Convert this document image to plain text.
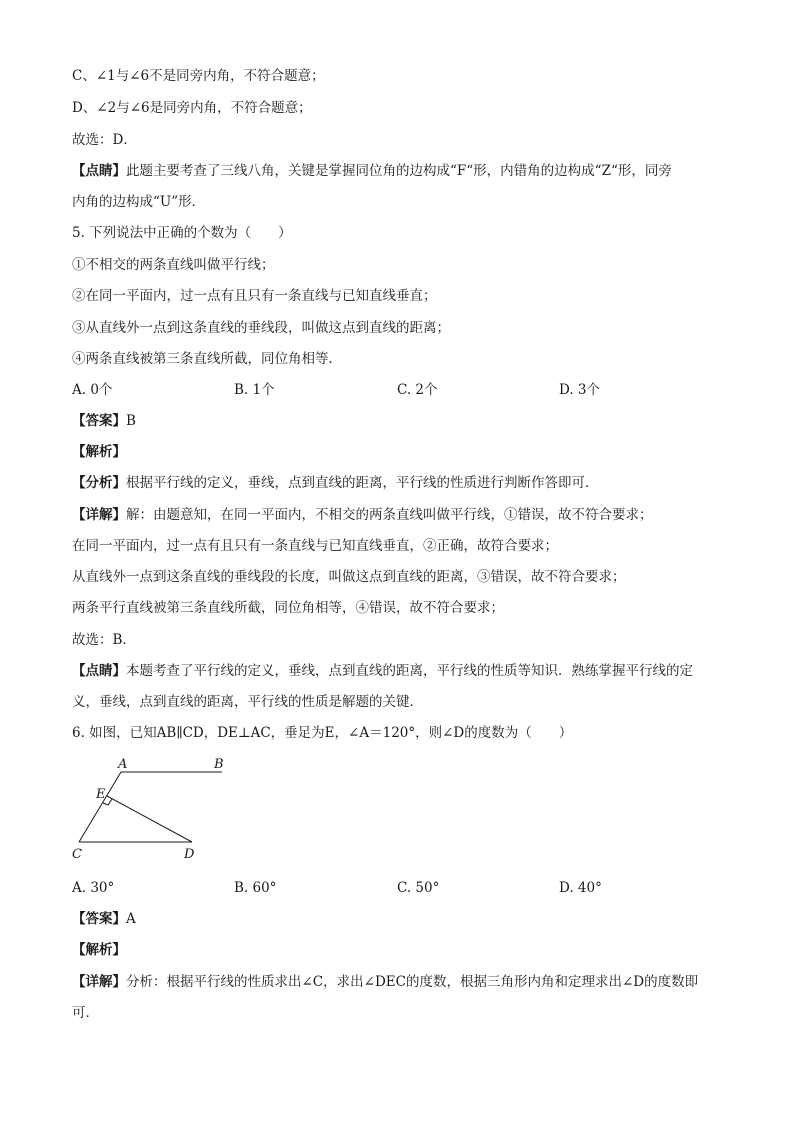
C、∠1与∠6不是同旁内角，不符合题意；
D、∠2与∠6是同旁内角，不符合题意；
故选：D．
【点睛】此题主要考查了三线八角，关键是掌握同位角的边构成“F“形，内错角的边构成“Z“形，同旁
内角的边构成“U”形．
5. 下列说法中正确的个数为（　　）
①不相交的两条直线叫做平行线；
②在同一平面内，过一点有且只有一条直线与已知直线垂直；
③从直线外一点到这条直线的垂线段，叫做这点到直线的距离；
④两条直线被第三条直线所截，同位角相等．
A. 0个	B. 1个	C. 2个	D. 3个
【答案】B
【解析】
【分析】根据平行线的定义，垂线，点到直线的距离，平行线的性质进行判断作答即可．
【详解】解：由题意知，在同一平面内，不相交的两条直线叫做平行线，①错误，故不符合要求；
在同一平面内，过一点有且只有一条直线与已知直线垂直，②正确，故符合要求；
从直线外一点到这条直线的垂线段的长度，叫做这点到直线的距离，③错误，故不符合要求；
两条平行直线被第三条直线所截，同位角相等，④错误，故不符合要求；
故选：B．
【点睛】本题考查了平行线的定义，垂线，点到直线的距离，平行线的性质等知识．熟练掌握平行线的定
义，垂线，点到直线的距离，平行线的性质是解题的关键．
6. 如图，已知AB∥CD，DE⊥AC，垂足为E，∠A＝120°，则∠D的度数为（　　）
A	B
E
C	D
A. 30°	B. 60°	C. 50°	D. 40°
【答案】A
【解析】
【详解】分析：根据平行线的性质求出∠C，求出∠DEC的度数，根据三角形内角和定理求出∠D的度数即
可．
